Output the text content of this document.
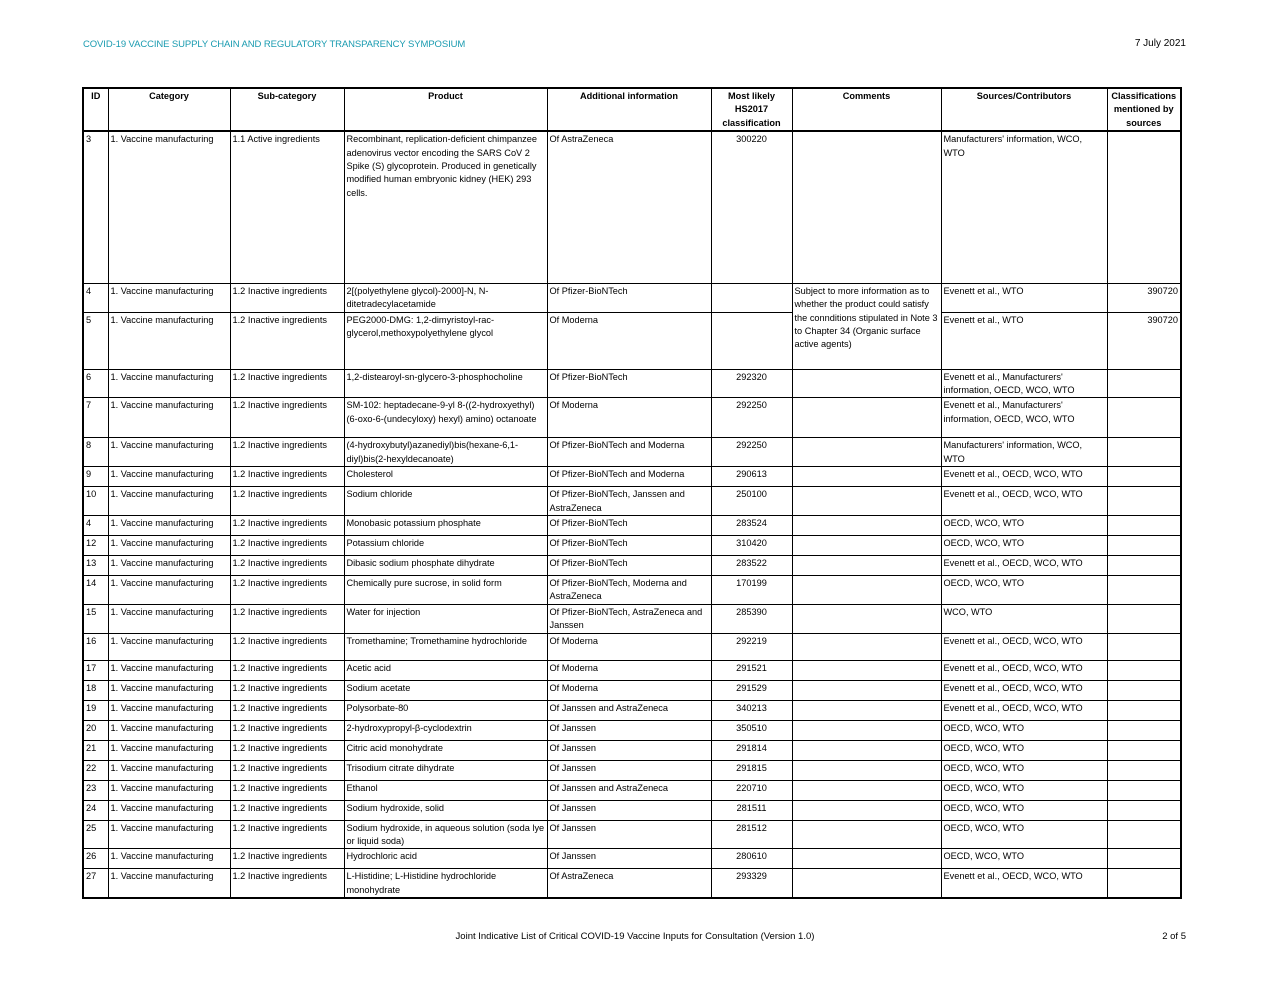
COVID-19 VACCINE SUPPLY CHAIN AND REGULATORY TRANSPARENCY SYMPOSIUM	7 July 2021
ID	Category	Sub-category	Product	Additional information	Most likely HS2017 classification	Comments	Sources/Contributors	Classifications mentioned by sources
3	1. Vaccine manufacturing	1.1 Active ingredients	Recombinant, replication-deficient chimpanzee adenovirus vector encoding the SARS CoV 2 Spike (S) glycoprotein. Produced in genetically modified human embryonic kidney (HEK) 293 cells.	Of AstraZeneca	300220		Manufacturers' information, WCO, WTO	
4	1. Vaccine manufacturing	1.2 Inactive ingredients	2[(polyethylene glycol)-2000]-N, N-ditetradecylacetamide	Of Pfizer-BioNTech		Subject to more information as to whether the product could satisfy the connditions stipulated in Note 3 to Chapter 34 (Organic surface active agents)	Evenett et al., WTO	390720
5	1. Vaccine manufacturing	1.2 Inactive ingredients	PEG2000-DMG: 1,2-dimyristoyl-rac-glycerol,methoxypolyethylene glycol	Of Moderna			Evenett et al., WTO	390720
6	1. Vaccine manufacturing	1.2 Inactive ingredients	1,2-distearoyl-sn-glycero-3-phosphocholine	Of Pfizer-BioNTech	292320		Evenett et al., Manufacturers' information, OECD, WCO, WTO	
7	1. Vaccine manufacturing	1.2 Inactive ingredients	SM-102: heptadecane-9-yl 8-((2-hydroxyethyl) (6-oxo-6-(undecyloxy) hexyl) amino) octanoate	Of Moderna	292250		Evenett et al., Manufacturers' information, OECD, WCO, WTO	
8	1. Vaccine manufacturing	1.2 Inactive ingredients	(4-hydroxybutyl)azanediyl)bis(hexane-6,1-diyl)bis(2-hexyldecanoate)	Of Pfizer-BioNTech and Moderna	292250		Manufacturers' information, WCO, WTO	
9	1. Vaccine manufacturing	1.2 Inactive ingredients	Cholesterol	Of Pfizer-BioNTech and Moderna	290613		Evenett et al., OECD, WCO, WTO	
10	1. Vaccine manufacturing	1.2 Inactive ingredients	Sodium chloride	Of Pfizer-BioNTech, Janssen and AstraZeneca	250100		Evenett et al., OECD, WCO, WTO	
4	1. Vaccine manufacturing	1.2 Inactive ingredients	Monobasic potassium phosphate	Of Pfizer-BioNTech	283524		OECD, WCO, WTO	
12	1. Vaccine manufacturing	1.2 Inactive ingredients	Potassium chloride	Of Pfizer-BioNTech	310420		OECD, WCO, WTO	
13	1. Vaccine manufacturing	1.2 Inactive ingredients	Dibasic sodium phosphate dihydrate	Of Pfizer-BioNTech	283522		Evenett et al., OECD, WCO, WTO	
14	1. Vaccine manufacturing	1.2 Inactive ingredients	Chemically pure sucrose, in solid form	Of Pfizer-BioNTech, Moderna and AstraZeneca	170199		OECD, WCO, WTO	
15	1. Vaccine manufacturing	1.2 Inactive ingredients	Water for injection	Of Pfizer-BioNTech, AstraZeneca and Janssen	285390		WCO, WTO	
16	1. Vaccine manufacturing	1.2 Inactive ingredients	Tromethamine; Tromethamine hydrochloride	Of Moderna	292219		Evenett et al., OECD, WCO, WTO	
17	1. Vaccine manufacturing	1.2 Inactive ingredients	Acetic acid	Of Moderna	291521		Evenett et al., OECD, WCO, WTO	
18	1. Vaccine manufacturing	1.2 Inactive ingredients	Sodium acetate	Of Moderna	291529		Evenett et al., OECD, WCO, WTO	
19	1. Vaccine manufacturing	1.2 Inactive ingredients	Polysorbate-80	Of Janssen and AstraZeneca	340213		Evenett et al., OECD, WCO, WTO	
20	1. Vaccine manufacturing	1.2 Inactive ingredients	2-hydroxypropyl-β-cyclodextrin	Of Janssen	350510		OECD, WCO, WTO	
21	1. Vaccine manufacturing	1.2 Inactive ingredients	Citric acid monohydrate	Of Janssen	291814		OECD, WCO, WTO	
22	1. Vaccine manufacturing	1.2 Inactive ingredients	Trisodium citrate dihydrate	Of Janssen	291815		OECD, WCO, WTO	
23	1. Vaccine manufacturing	1.2 Inactive ingredients	Ethanol	Of Janssen and AstraZeneca	220710		OECD, WCO, WTO	
24	1. Vaccine manufacturing	1.2 Inactive ingredients	Sodium hydroxide, solid	Of Janssen	281511		OECD, WCO, WTO	
25	1. Vaccine manufacturing	1.2 Inactive ingredients	Sodium hydroxide, in aqueous solution (soda lye or liquid soda)	Of Janssen	281512		OECD, WCO, WTO	
26	1. Vaccine manufacturing	1.2 Inactive ingredients	Hydrochloric acid	Of Janssen	280610		OECD, WCO, WTO	
27	1. Vaccine manufacturing	1.2 Inactive ingredients	L-Histidine; L-Histidine hydrochloride monohydrate	Of AstraZeneca	293329		Evenett et al., OECD, WCO, WTO	
Joint Indicative List of Critical COVID-19 Vaccine Inputs for Consultation (Version 1.0)	2 of 5
